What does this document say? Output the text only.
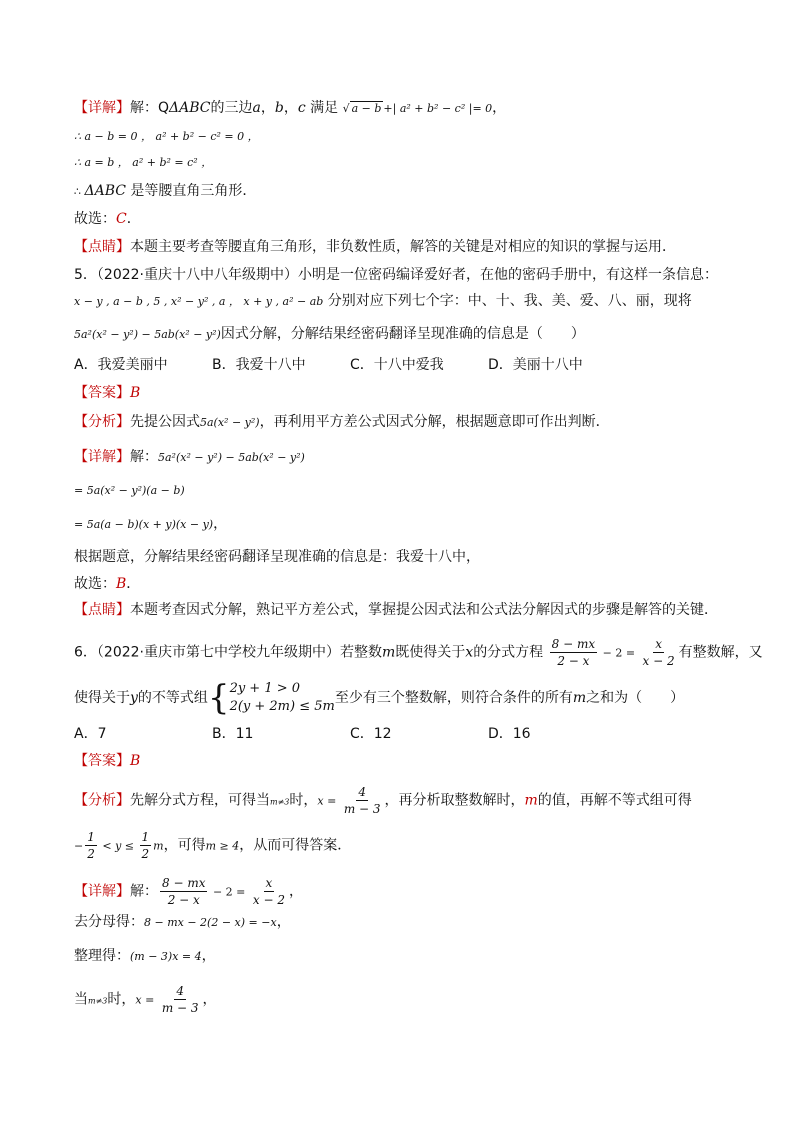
【详解】解：QΔABC的三边a，b，c 满足 √ a − b +| a² + b² − c² |= 0，
∴ a − b = 0 ， a² + b² − c² = 0 ，
∴ a = b ， a² + b² = c² ，
∴ ΔABC 是等腰直角三角形．
故选：C．
【点睛】本题主要考查等腰直角三角形，非负数性质，解答的关键是对相应的知识的掌握与运用．
5．（2022·重庆十八中八年级期中）小明是一位密码编译爱好者，在他的密码手册中，有这样一条信息：
x − y , a − b , 5 , x² − y² , a ， x + y , a² − ab 分别对应下列七个字：中、十、我、美、爱、八、丽，现将
5a²(x² − y²) − 5ab(x² − y²)因式分解，分解结果经密码翻译呈现准确的信息是（　　）
A．我爱美丽中	B．我爱十八中	C．十八中爱我	D．美丽十八中
【答案】B
【分析】先提公因式5a(x² − y²)，再利用平方差公式因式分解，根据题意即可作出判断．
【详解】解：5a²(x² − y²) − 5ab(x² − y²)
= 5a(x² − y²)(a − b)
= 5a(a − b)(x + y)(x − y)，
根据题意，分解结果经密码翻译呈现准确的信息是：我爱十八中，
故选：B．
【点睛】本题考查因式分解，熟记平方差公式，掌握提公因式法和公式法分解因式的步骤是解答的关键．
6．（2022·重庆市第七中学校九年级期中）若整数m既使得关于x的分式方程 $\frac{8 - mx}{2 - x} - 2 = \frac{x}{x - 2}$ 有整数解，又
使得关于y的不等式组{ 2y + 1 > 0
2(y + 2m) ≤ 5m
至少有三个整数解，则符合条件的所有m之和为（　　）
A．7	B．11	C．12	D．16
【答案】B
【分析】先解分式方程，可得当m≠3时，$x = \frac{4}{m - 3}$ ，再分析取整数解时，m的值，再解不等式组可得
− $\frac{1}{2} < y \le \frac{1}{2}$ m，可得m ≥ 4，从而可得答案．
【详解】解： $\frac{8 - mx}{2 - x} - 2 = \frac{x}{x - 2}$ ，
去分母得：8 − mx − 2(2 − x) = −x，
整理得：(m − 3)x = 4，
当m≠3时，$x = \frac{4}{m - 3}$ ，
